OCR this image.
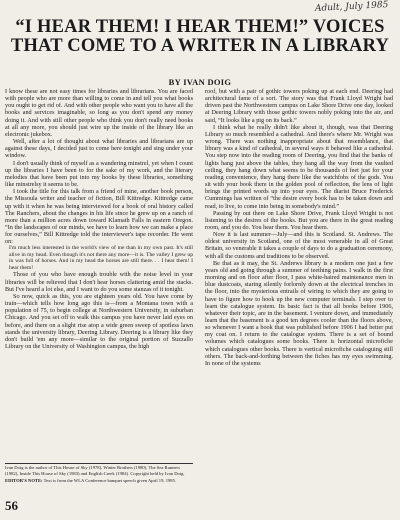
Adult, July 1985
“I HEAR THEM! I HEAR THEM!” VOICES THAT COME TO A WRITER IN A LIBRARY
BY IVAN DOIG

I know these are not easy times for libraries and librarians. You are faced with people who are more than willing to come in and tell you what books you ought to get rid of. And with other people who want you to have all the books and services imaginable, so long as you don't spend any money doing it. And with still other people who think you don't really need books at all any more, you should just wire up the inside of the library like an electronic jukebox.

Well, after a lot of thought about what libraries and librarians are up against these days, I decided just to come here tonight and sing under your window.

I don't usually think of myself as a wandering minstrel, yet when I count up the libraries I have been to for the sake of my work, and the literary melodies that have been put into my books by these libraries, something like minstrelsy it seems to be.

I took the title for this talk from a friend of mine, another book person, the Missoula writer and teacher of fiction, Bill Kittredge. Kittredge came up with it when he was being interviewed for a book of oral history called The Ranchers, about the changes in his life since he grew up on a ranch of more than a million acres down toward Klamath Falls in eastern Oregon. “In the landscapes of our minds, we have to learn how we can make a place for ourselves,” Bill Kittredge told the interviewer's tape recorder. He went on:

I'm much less interested in the world's view of me than in my own past. It's still alive in my head. Even though it's not there any more—it is. The valley I grew up in was full of horses. And in my head the horses are still there. . . I hear them! I hear them!

Those of you who have enough trouble with the noise level in your libraries will be relieved that I don't hear horses clattering amid the stacks. But I've heard a lot else, and I want to do you some stanzas of it tonight.

So now, quick as this, you are eighteen years old. You have come by train—which tells how long ago this is—from a Montana town with a population of 75, to begin college at Northwestern University, in suburban Chicago. And you set off to walk this campus you have never laid eyes on before, and there on a slight rise atop a wide green sweep of spotless lawn stands the university library, Deering Library. Deering is a library like they don't build 'em any more—similar to the original portion of Suzzallo Library on the University of Washington campus, the high

roof, but with a pair of gothic towers poking up at each end. Deering had architectural fame of a sort. The story was that Frank Lloyd Wright had driven past the Northwestern campus on Lake Shore Drive one day, looked at Deering Library with those gothic towers nobly poking into the air, and said, “It looks like a pig on its back.”

I think what he really didn't like about it, though, was that Deering Library so much resembled a cathedral. And there's where Mr. Wright was wrong. There was nothing inappropriate about that resemblance, that library was a kind of cathedral, in several ways it behaved like a cathedral. You step now into the reading room of Deering, you find that the banks of lights hang just above the tables, they hang all the way from the vaulted ceiling, they hang down what seems to be thousands of feet just for your reading convenience, they hang there like the watchfobs of the gods. You sit with your book there in the golden pool of reflection, the lens of light brings the printed words up into your eyes. The diarist Bruce Frederick Cummings has written of “the desire every book has to be taken down and read, to live, to come into being in somebody's mind.”

Passing by out there on Lake Shore Drive, Frank Lloyd Wright is not listening to the desires of the books. But you are there in the great reading room, and you do. You hear them. You hear them.

Now it is last summer—July—and this is Scotland. St. Andrews. The oldest university in Scotland, one of the most venerable in all of Great Britain, so venerable it takes a couple of days to do a graduation ceremony, with all the customs and traditions to be observed.

Be that as it may, the St. Andrews library is a modern one just a few years old and going through a summer of teething pains. I walk in the first morning and on floor after floor, I pass white-haired maintenance men in blue dustcoats, staring silently forlornly down at the electrical trenches in the floor, into the mysterious entrails of wiring to which they are going to have to figure how to hook up the new computer terminals. I step over to learn the catalogue system. Its basic fact is that all books before 1906, whatever their topic, are in the basement. I venture down, and immediately learn that the basement is a good ten degrees cooler than the floors above, so whenever I want a book that was published before 1906 I had better put my coat on. I return to the catalogue system. There is a set of bound volumes which catalogues some books. There is horizontal microfiche which catalogues other books. There is vertical microfiche cataloguing still others. The back-and-forthing between the fiches has my eyes swimming. In none of the systems

Ivan Doig is the author of This House of Sky (1978), Winter Brothers (1980), The Sea Runners (1982), Inside This House of Sky (1983) and English Creek (1984). Copyright held by Ivan Doig.

EDITOR'S NOTE: Text is from the WLA Conference banquet speech given April 19, 1985.

56
